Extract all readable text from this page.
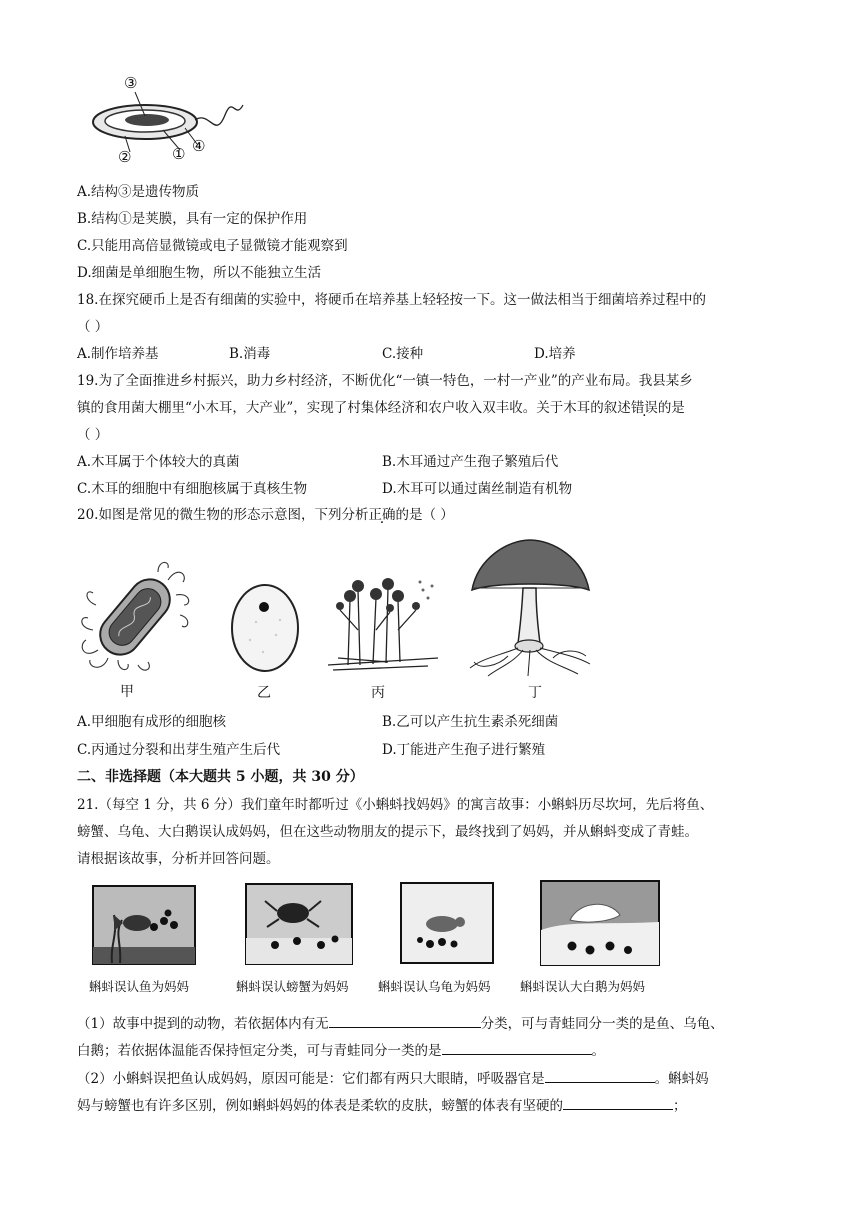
③
②	① ④
A.结构③是遗传物质
B.结构①是荚膜，具有一定的保护作用
C.只能用高倍显微镜或电子显微镜才能观察到
D.细菌是单细胞生物，所以不能独立生活
18.在探究硬币上是否有细菌的实验中，将硬币在培养基上轻轻按一下。这一做法相当于细菌培养过程中的
（ ）
A.制作培养基	B.消毒	C.接种	D.培养
19.为了全面推进乡村振兴，助力乡村经济，不断优化“一镇一特色，一村一产业”的产业布局。我县某乡
镇的食用菌大棚里“小木耳，大产业”，实现了村集体经济和农户收入双丰收。关于木耳的叙述错误的是
（ ）
A.木耳属于个体较大的真菌	B.木耳通过产生孢子繁殖后代
C.木耳的细胞中有细胞核属于真核生物	D.木耳可以通过菌丝制造有机物
20.如图是常见的微生物的形态示意图，下列分析正确的是（ ）
甲	乙	丙	丁
A.甲细胞有成形的细胞核	B.乙可以产生抗生素杀死细菌
C.丙通过分裂和出芽生殖产生后代	D.丁能进产生孢子进行繁殖
二、非选择题（本大题共 5 小题，共 30 分）
21.（每空 1 分，共 6 分）我们童年时都听过《小蝌蚪找妈妈》的寓言故事：小蝌蚪历尽坎坷，先后将鱼、
螃蟹、乌龟、大白鹅误认成妈妈，但在这些动物朋友的提示下，最终找到了妈妈，并从蝌蚪变成了青蛙。
请根据该故事，分析并回答问题。
蝌蚪误认鱼为妈妈	蝌蚪误认螃蟹为妈妈 蝌蚪误认乌龟为妈妈 蝌蚪误认大白鹅为妈妈
（1）故事中提到的动物，若依据体内有无	分类，可与青蛙同分一类的是鱼、乌龟、
白鹅；若依据体温能否保持恒定分类，可与青蛙同分一类的是	。
（2）小蝌蚪误把鱼认成妈妈，原因可能是：它们都有两只大眼睛，呼吸器官是	。蝌蚪妈
妈与螃蟹也有许多区别，例如蝌蚪妈妈的体表是柔软的皮肤，螃蟹的体表有坚硬的	；
